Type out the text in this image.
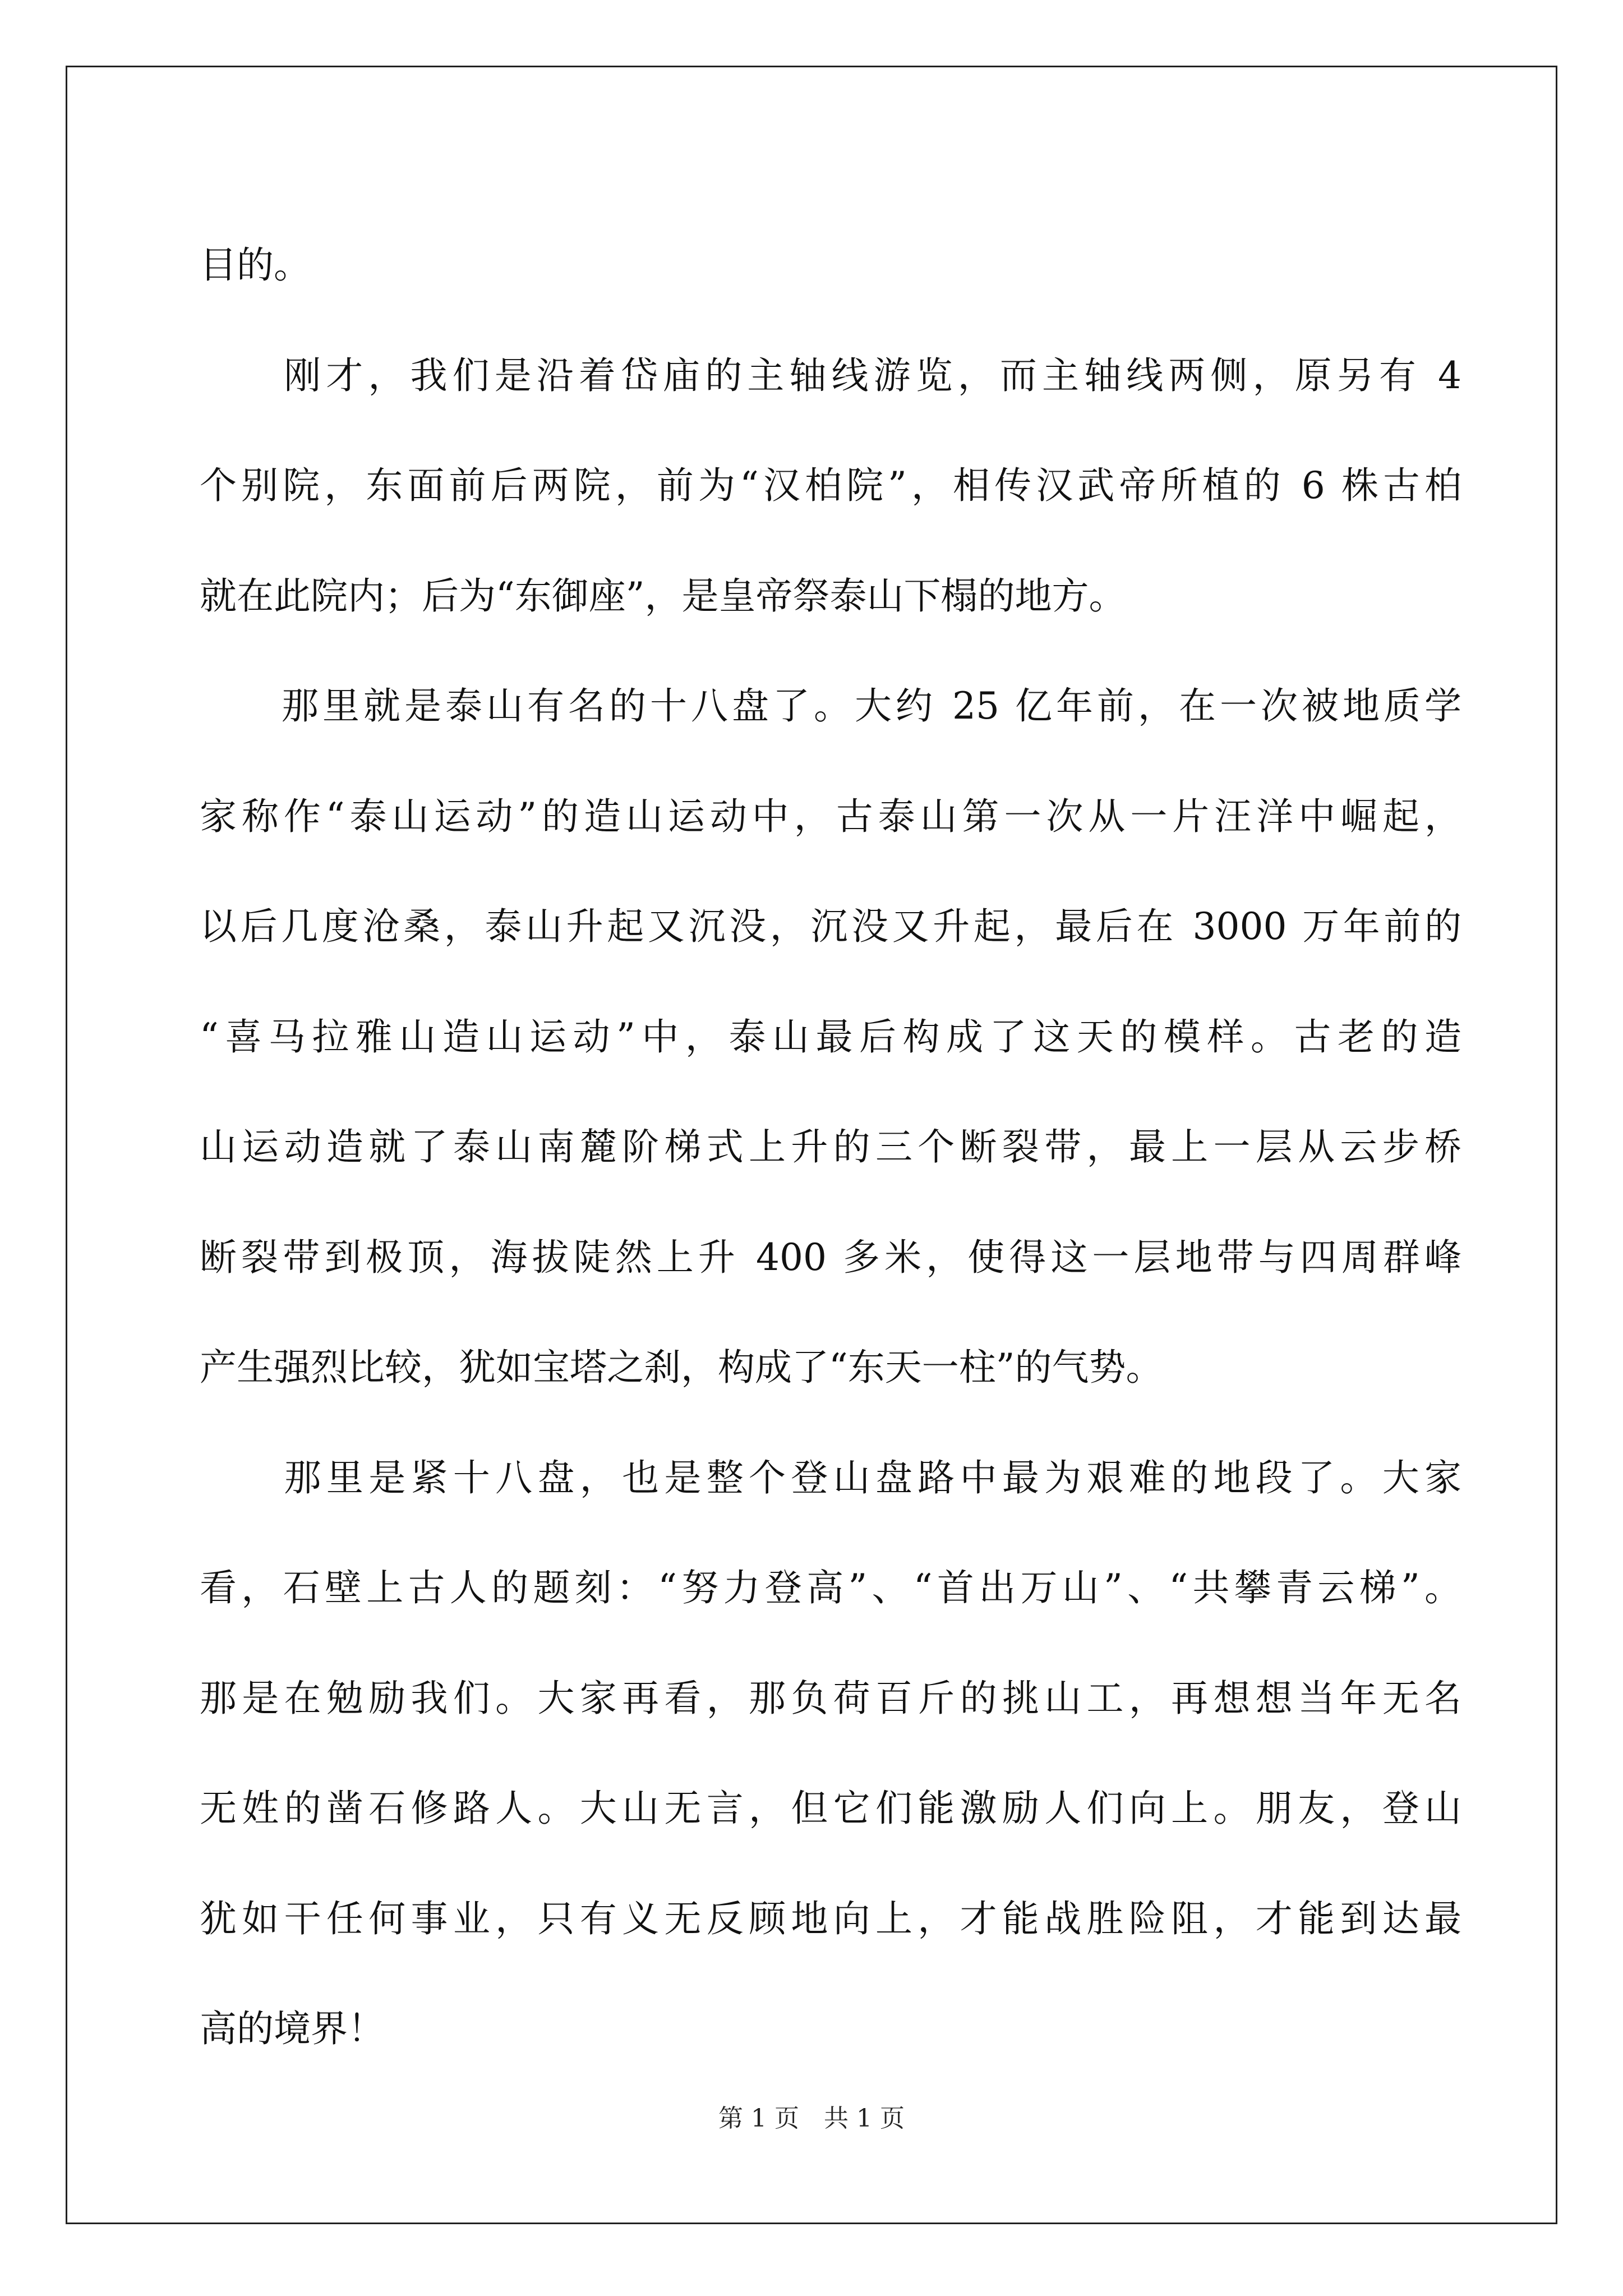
目的。
　　刚才，我们是沿着岱庙的主轴线游览，而主轴线两侧，原另有 4
个别院，东面前后两院，前为“汉柏院”，相传汉武帝所植的 6 株古柏
就在此院内；后为“东御座”，是皇帝祭泰山下榻的地方。
　　那里就是泰山有名的十八盘了。大约 25 亿年前，在一次被地质学
家称作“泰山运动”的造山运动中，古泰山第一次从一片汪洋中崛起，
以后几度沧桑，泰山升起又沉没，沉没又升起，最后在 3000 万年前的
“喜马拉雅山造山运动”中，泰山最后构成了这天的模样。古老的造
山运动造就了泰山南麓阶梯式上升的三个断裂带，最上一层从云步桥
断裂带到极顶，海拔陡然上升 400 多米，使得这一层地带与四周群峰
产生强烈比较，犹如宝塔之刹，构成了“东天一柱”的气势。
　　那里是紧十八盘，也是整个登山盘路中最为艰难的地段了。大家
看，石壁上古人的题刻：“努力登高”、“首出万山”、“共攀青云梯”。
那是在勉励我们。大家再看，那负荷百斤的挑山工，再想想当年无名
无姓的凿石修路人。大山无言，但它们能激励人们向上。朋友，登山
犹如干任何事业，只有义无反顾地向上，才能战胜险阻，才能到达最
高的境界！
第 1 页　共 1 页
